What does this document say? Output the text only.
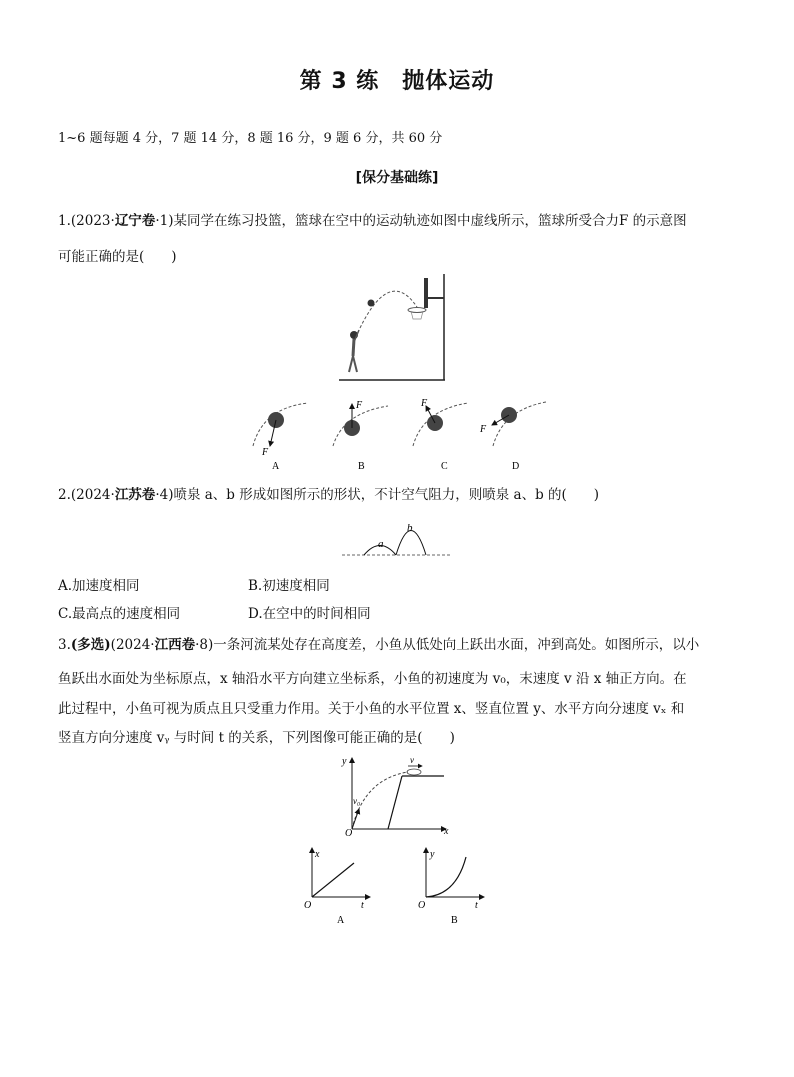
第 3 练　抛体运动
1~6 题每题 4 分，7 题 14 分，8 题 16 分，9 题 6 分，共 60 分
[保分基础练]
1.(2023·辽宁卷·1)某同学在练习投篮，篮球在空中的运动轨迹如图中虚线所示，篮球所受合力F 的示意图
可能正确的是(　　)
F
A
F
B
F
C
F
D
2.(2024·江苏卷·4)喷泉 a、b 形成如图所示的形状，不计空气阻力，则喷泉 a、b 的(　　)
a
b
A.加速度相同	B.初速度相同
C.最高点的速度相同	D.在空中的时间相同
3.(多选)(2024·江西卷·8)一条河流某处存在高度差，小鱼从低处向上跃出水面，冲到高处。如图所示，以小
鱼跃出水面处为坐标原点，x 轴沿水平方向建立坐标系，小鱼的初速度为 v₀，末速度 v 沿 x 轴正方向。在
此过程中，小鱼可视为质点且只受重力作用。关于小鱼的水平位置 x、竖直位置 y、水平方向分速度 vₓ 和
竖直方向分速度 vᵧ 与时间 t 的关系，下列图像可能正确的是(　　)
y
x
O
v₀
v
x
t
O
A
y
t
O
B
